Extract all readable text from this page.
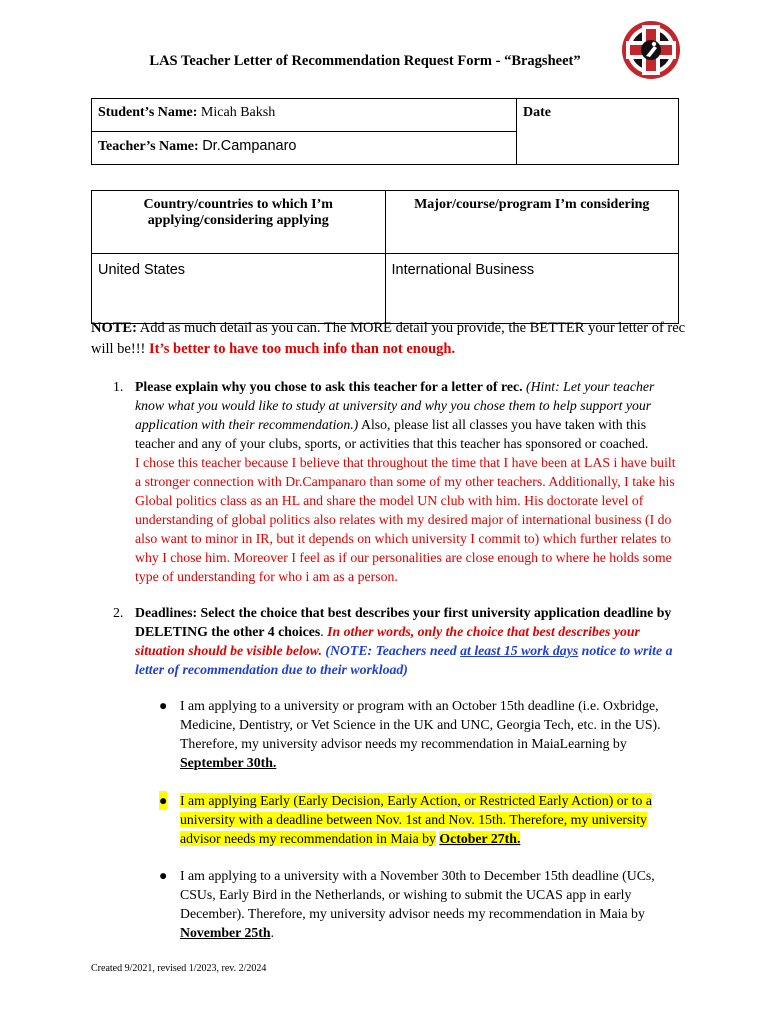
LAS Teacher Letter of Recommendation Request Form - “Bragsheet”
Student’s Name: Micah Baksh	Date
Teacher’s Name: Dr.Campanaro
Country/countries to which I’m applying/considering applying	Major/course/program I’m considering
United States	International Business
NOTE: Add as much detail as you can. The MORE detail you provide, the BETTER your letter of rec will be!!! It’s better to have too much info than not enough.
1. Please explain why you chose to ask this teacher for a letter of rec. (Hint: Let your teacher know what you would like to study at university and why you chose them to help support your application with their recommendation.) Also, please list all classes you have taken with this teacher and any of your clubs, sports, or activities that this teacher has sponsored or coached.
I chose this teacher because I believe that throughout the time that I have been at LAS i have built a stronger connection with Dr.Campanaro than some of my other teachers. Additionally, I take his Global politics class as an HL and share the model UN club with him. His doctorate level of understanding of global politics also relates with my desired major of international business (I do also want to minor in IR, but it depends on which university I commit to) which further relates to why I chose him. Moreover I feel as if our personalities are close enough to where he holds some type of understanding for who i am as a person.
2. Deadlines: Select the choice that best describes your first university application deadline by DELETING the other 4 choices. In other words, only the choice that best describes your situation should be visible below. (NOTE: Teachers need at least 15 work days notice to write a letter of recommendation due to their workload)
● I am applying to a university or program with an October 15th deadline (i.e. Oxbridge, Medicine, Dentistry, or Vet Science in the UK and UNC, Georgia Tech, etc. in the US). Therefore, my university advisor needs my recommendation in MaiaLearning by September 30th.
● I am applying Early (Early Decision, Early Action, or Restricted Early Action) or to a university with a deadline between Nov. 1st and Nov. 15th. Therefore, my university advisor needs my recommendation in Maia by October 27th.
● I am applying to a university with a November 30th to December 15th deadline (UCs, CSUs, Early Bird in the Netherlands, or wishing to submit the UCAS app in early December). Therefore, my university advisor needs my recommendation in Maia by November 25th.
Created 9/2021, revised 1/2023, rev. 2/2024
